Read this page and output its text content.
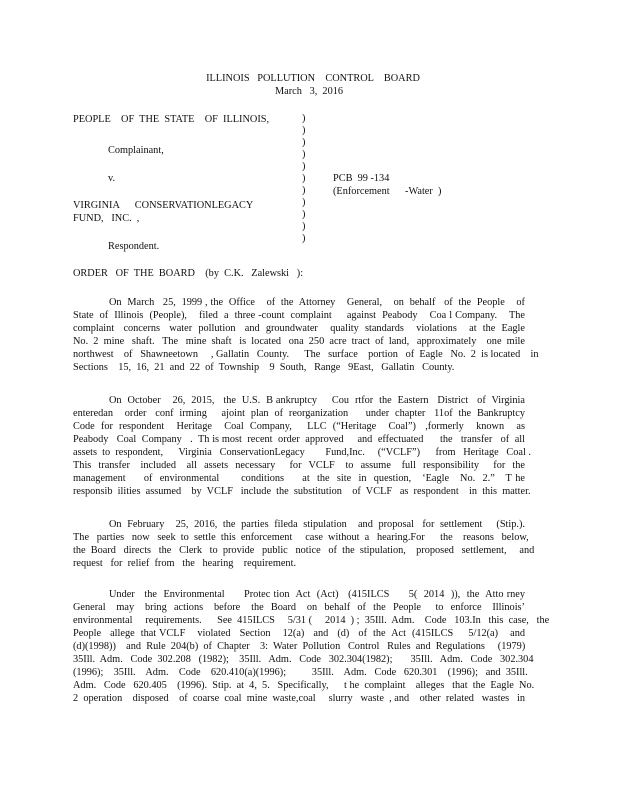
ILLINOIS   POLLUTION    CONTROL    BOARD
March   3,  2016
PEOPLE    OF  THE  STATE    OF  ILLINOIS,
Complainant,
v.
VIRGINIA      CONSERVATIONLEGACY
FUND,   INC.  ,
Respondent.
)
)
)
)
)
)
)
)
)
)
)
PCB  99 -134
(Enforcement      -Water  )
ORDER   OF  THE  BOARD    (by  C.K.   Zalewski   ):
On  March   25,  1999 , the  Office    of  the  Attorney    General,    on  behalf   of  the  People    of
State  of  Illinois  (People),    filed  a  three -count  complaint     against  Peabody    Coa l Company.    The
complaint   concerns   water  pollution   and  groundwater    quality  standards    violations    at  the  Eagle
No.  2  mine   shaft.   The   mine  shaft   is  located   ona  250  acre  tract  of  land,   approximately    one  mile
northwest    of   Shawneetown     , Gallatin   County.      The   surface    portion   of  Eagle   No.  2  is located    in
Sections    15,  16,  21  and  22  of  Township    9  South,   Range   9East,   Gallatin   County.
On  October    26,  2015,   the  U.S.  B ankruptcy     Cou  rtfor  the  Eastern   District   of  Virginia
enteredan    order   conf  irming     ajoint  plan  of  reorganization      under  chapter   11of  the  Bankruptcy
Code  for  respondent    Heritage    Coal  Company,     LLC  (“Heritage    Coal”)   ,formerly    known    as
Peabody   Coal  Company   .  Th is most  recent  order  approved     and  effectuated      the   transfer   of  all
assets  to  respondent,      Virginia   ConservationLegacy        Fund,Inc.     (“VCLF”)      from   Heritage   Coal .
This  transfer   included   all  assets  necessary    for  VCLF   to  assume   full  responsibility    for  the
management     of  environmental      conditions     at  the  site  in  question,   ‘Eagle   No.  2.”   T he
responsib  ilities  assumed    by  VCLF   include  the  substitution    of  VCLF   as  respondent    in  this  matter.
On  February    25,  2016,  the  parties  fileda  stipulation    and  proposal   for  settlement     (Stip.).
The   parties   now   seek  to  settle  this  enforcement     case  without  a   hearing.For      the    reasons   below,
the  Board   directs   the   Clerk   to  provide   public   notice   of  the  stipulation,    proposed   settlement,     and
request   for  relief  from   the   hearing    requirement.
Under   the  Environmental      Protec tion  Act  (Act)   (415ILCS      5(  2014  )),  the  Atto rney
General   may   bring  actions   before   the  Board   on  behalf  of  the  People    to  enforce   Illinois’
environmental     requirements.      See  415ILCS     5/31 (     2014  ) ;  35Ill.  Adm.    Code   103.In   this  case,   the
People   allege  that VCLF    violated   Section    12(a)   and   (d)   of  the  Act  (415ILCS     5/12(a)    and
(d)(1998))    and  Rule  204(b)  of  Chapter    3:  Water  Pollution   Control   Rules  and  Regulations     (1979)
35Ill.  Adm.   Code  302.208   (1982);    35Ill.   Adm.   Code   302.304(1982);       35Ill.   Adm.   Code   302.304
(1996);    35Ill.    Adm.    Code    620.410(a)(1996);          35Ill.    Adm.   Code   620.301    (1996);   and  35Ill.
Adm.   Code   620.405    (1996).  Stip.  at  4,  5.   Specifically,      t he  complaint    alleges   that  the  Eagle  No.
2  operation    disposed    of  coarse  coal  mine  waste,coal     slurry   waste  , and    other  related   wastes   in
